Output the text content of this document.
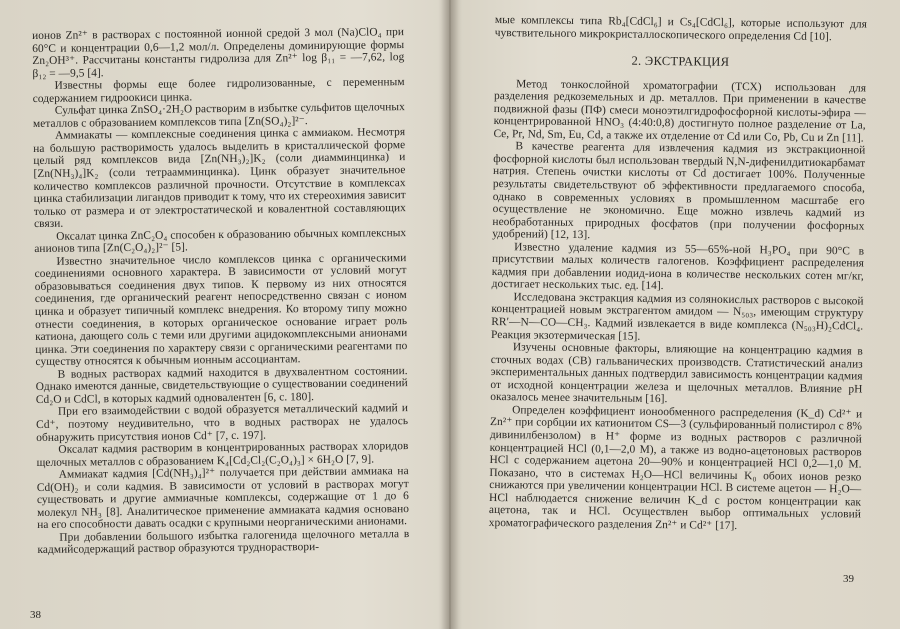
ионов Zn²⁺ в растворах с постоянной ионной средой 3 мол (Na)ClO₄ при 60°C и концентрации 0,6—1,2 мол/л. Определены доминирующие формы Zn₂OH³⁺. Рассчитаны константы гидролиза для Zn²⁺ log β₁₁ = —7,62, log β₁₂ = —9,5 [4].

Известны формы еще более гидролизованные, с переменным содержанием гидроокиси цинка.

Сульфат цинка ZnSO₄·2H₂O растворим в избытке сульфитов щелочных металлов с образованием комплексов типа [Zn(SO₄)₂]²⁻.

Аммиакаты — комплексные соединения цинка с аммиаком. Несмотря на большую растворимость удалось выделить в кристаллической форме целый ряд комплексов вида [Zn(NH₃)₂]K₂ (соли диамминцинка) и [Zn(NH₃)₄]K₂ (соли тетраамминцинка). Цинк образует значительное количество комплексов различной прочности. Отсутствие в комплексах цинка стабилизации лигандов приводит к тому, что их стереохимия зависит только от размера и от электростатической и ковалентной составляющих связи.

Оксалат цинка ZnC₂O₄ способен к образованию обычных комплексных анионов типа [Zn(C₂O₄)₂]²⁻ [5].

Известно значительное число комплексов цинка с органическими соединениями основного характера. В зависимости от условий могут образовываться соединения двух типов. К первому из них относятся соединения, где органический реагент непосредственно связан с ионом цинка и образует типичный комплекс внедрения. Ко второму типу можно отнести соединения, в которых органическое основание играет роль катиона, дающего соль с теми или другими ацидокомплексными анионами цинка. Эти соединения по характеру связи с органическими реагентами по существу относятся к обычным ионным ассоциантам.

В водных растворах кадмий находится в двухвалентном состоянии. Однако имеются данные, свидетельствующие о существовании соединений Cd₂O и CdCl, в которых кадмий одновалентен [6, с. 180].

При его взаимодействии с водой образуется металлический кадмий и Cd⁺, поэтому неудивительно, что в водных растворах не удалось обнаружить присутствия ионов Cd⁺ [7, с. 197].

Оксалат кадмия растворим в концентрированных растворах хлоридов щелочных металлов с образованием K₄[Cd₂Cl₂(C₂O₄)₃] × 6H₂O [7, 9].

Аммиакат кадмия [Cd(NH₃)₄]²⁺ получается при действии аммиака на Cd(OH)₂ и соли кадмия. В зависимости от условий в растворах могут существовать и другие аммиачные комплексы, содержащие от 1 до 6 молекул NH₃ [8]. Аналитическое применение аммиаката кадмия основано на его способности давать осадки с крупными неорганическими анионами.

При добавлении большого избытка галогенида щелочного металла в кадмийсодержащий раствор образуются труднораствори-

38

мые комплексы типа Rb₄[CdCl₆] и Cs₄[CdCl₆], которые используют для чувствительного микрокристаллоскопического определения Cd [10].

2. ЭКСТРАКЦИЯ

Метод тонкослойной хроматографии (ТСХ) использован для разделения редкоземельных и др. металлов. При применении в качестве подвижной фазы (ПФ) смеси моноэтилгидрофосфорной кислоты-эфира — концентрированной HNO₃ (4:40:0,8) достигнуто полное разделение от La, Ce, Pr, Nd, Sm, Eu, Cd, а также их отделение от Cd или Co, Pb, Cu и Zn [11].

В качестве реагента для извлечения кадмия из экстракционной фосфорной кислоты был использован твердый N,N-дифенилдитиокарбамат натрия. Степень очистки кислоты от Cd достигает 100%. Полученные результаты свидетельствуют об эффективности предлагаемого способа, однако в современных условиях в промышленном масштабе его осуществление не экономично. Еще можно извлечь кадмий из необработанных природных фосфатов (при получении фосфорных удобрений) [12, 13].

Известно удаление кадмия из 55—65%-ной H₃PO₄ при 90°C в присутствии малых количеств галогенов. Коэффициент распределения кадмия при добавлении иодид-иона в количестве нескольких сотен мг/кг, достигает нескольких тыс. ед. [14].

Исследована экстракция кадмия из солянокислых растворов с высокой концентрацией новым экстрагентом амидом — N₅₀₃, имеющим структуру RR′—N—CO—CH₃. Кадмий извлекается в виде комплекса (N₅₀₃H)₂CdCl₄. Реакция экзотермическая [15].

Изучены основные факторы, влияющие на концентрацию кадмия в сточных водах (СВ) гальванических производств. Статистический анализ экспериментальных данных подтвердил зависимость концентрации кадмия от исходной концентрации железа и щелочных металлов. Влияние pH оказалось менее значительным [16].

Определен коэффициент ионообменного распределения (K_d) Cd²⁺ и Zn²⁺ при сорбции их катионитом CS—3 (сульфированный полистирол с 8% дивинилбензолом) в H⁺ форме из водных растворов с различной концентрацией HCl (0,1—2,0 M), а также из водно-ацетоновых растворов HCl с содержанием ацетона 20—90% и концентрацией HCl 0,2—1,0 M. Показано, что в системах H₂O—HCl величины K₀ обоих ионов резко снижаются при увеличении концентрации HCl. В системе ацетон — H₂O—HCl наблюдается снижение величин K_d с ростом концентрации как ацетона, так и HCl. Осуществлен выбор оптимальных условий хроматографического разделения Zn²⁺ и Cd²⁺ [17].

39
